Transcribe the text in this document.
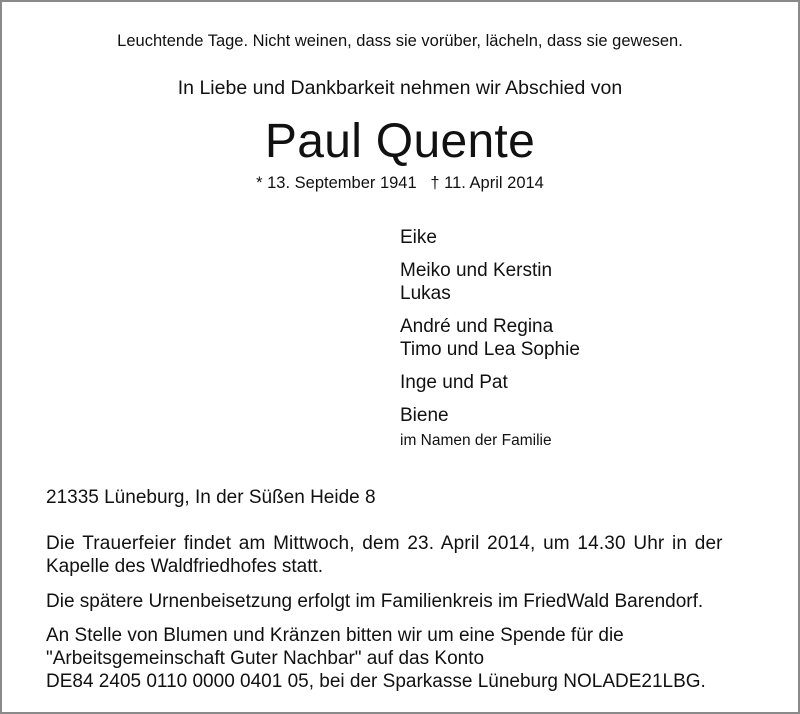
Leuchtende Tage. Nicht weinen, dass sie vorüber, lächeln, dass sie gewesen.

In Liebe und Dankbarkeit nehmen wir Abschied von

Paul Quente

* 13. September 1941   † 11. April 2014

Eike
Meiko und Kerstin
Lukas
André und Regina
Timo und Lea Sophie
Inge und Pat
Biene
im Namen der Familie

21335 Lüneburg, In der Süßen Heide 8

Die Trauerfeier findet am Mittwoch, dem 23. April 2014, um 14.30 Uhr in der
Kapelle des Waldfriedhofes statt.
Die spätere Urnenbeisetzung erfolgt im Familienkreis im FriedWald Barendorf.
An Stelle von Blumen und Kränzen bitten wir um eine Spende für die
"Arbeitsgemeinschaft Guter Nachbar" auf das Konto
DE84 2405 0110 0000 0401 05, bei der Sparkasse Lüneburg NOLADE21LBG.
